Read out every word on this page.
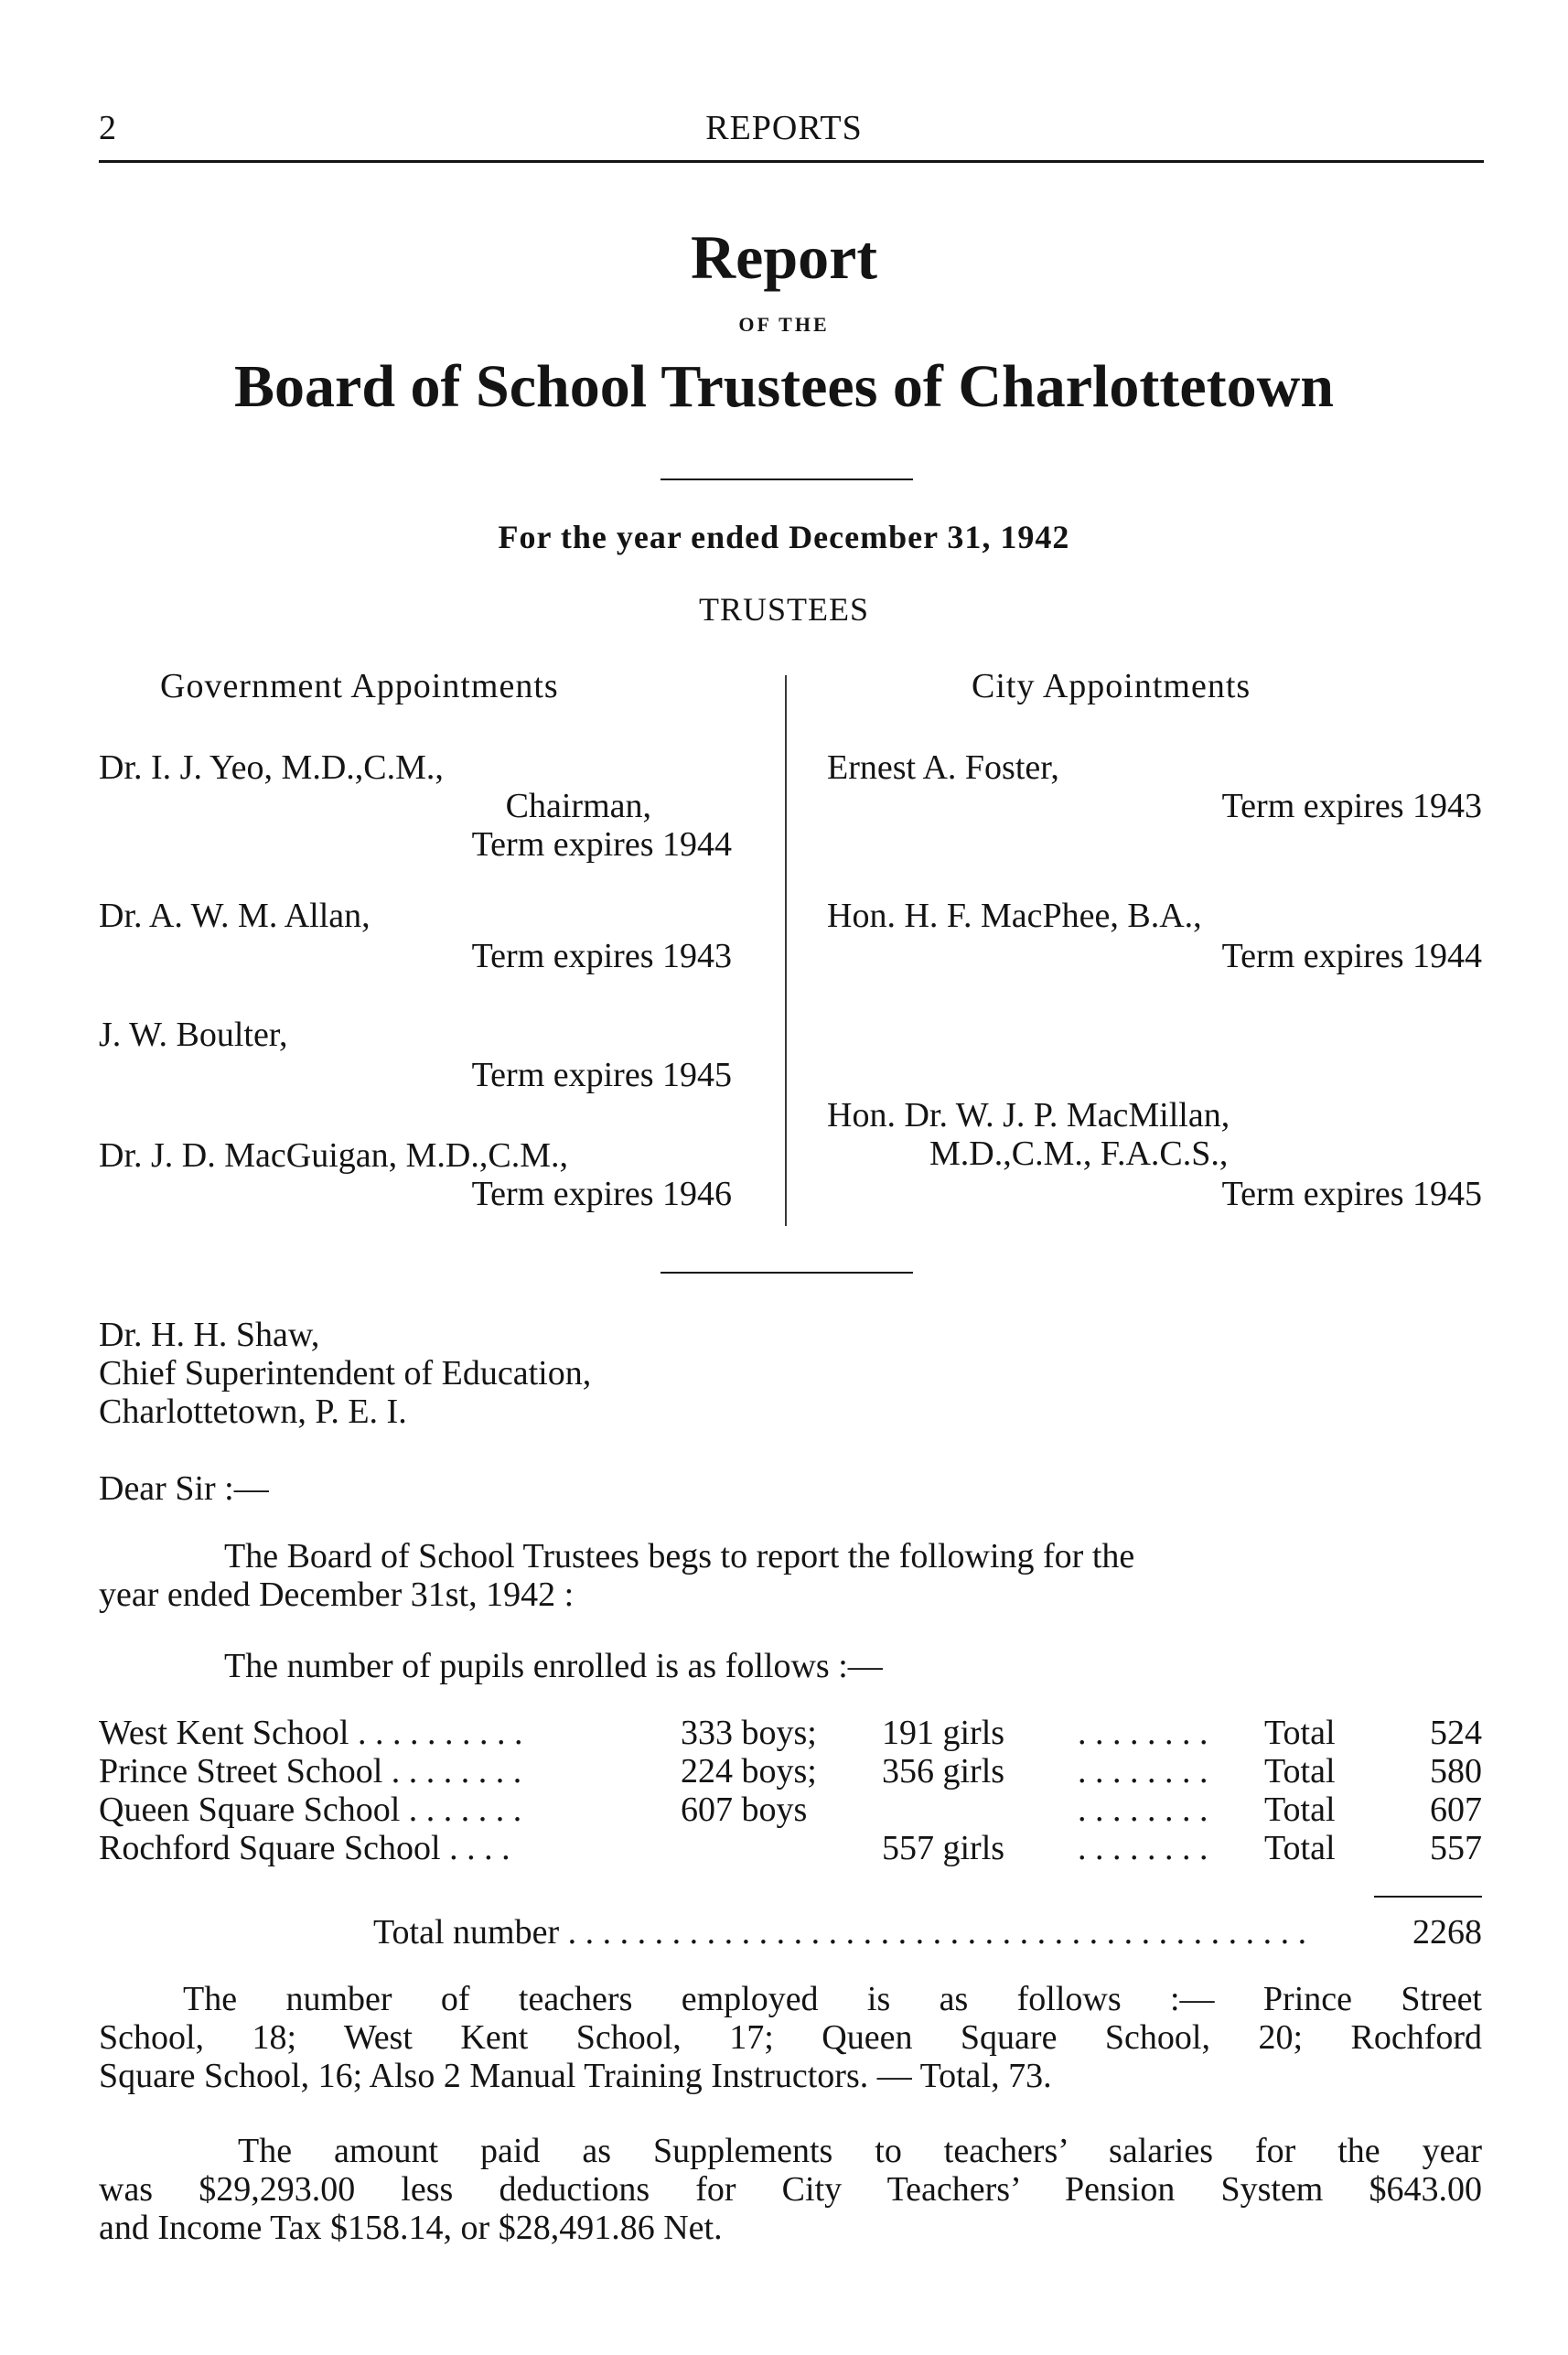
2	REPORTS
Report
OF THE
Board of School Trustees of Charlottetown
For the year ended December 31, 1942
TRUSTEES
Government Appointments	City Appointments
Dr. I. J. Yeo, M.D.,C.M.,
Chairman,
Term expires 1944
Dr. A. W. M. Allan,
Term expires 1943
J. W. Boulter,
Term expires 1945
Dr. J. D. MacGuigan, M.D.,C.M.,
Term expires 1946
Ernest A. Foster,
Term expires 1943
Hon. H. F. MacPhee, B.A.,
Term expires 1944
Hon. Dr. W. J. P. MacMillan,
M.D.,C.M., F.A.C.S.,
Term expires 1945
Dr. H. H. Shaw,
Chief Superintendent of Education,
Charlottetown, P. E. I.
Dear Sir :—
The Board of School Trustees begs to report the following for the
year ended December 31st, 1942 :
The number of pupils enrolled is as follows :—
West Kent School . . . . . . . . . .	333 boys; 191 girls . . . . . . . . Total	524
Prince Street School . . . . . . . .	224 boys; 356 girls . . . . . . . . Total	580
Queen Square School . . . . . . .	607 boys	. . . . . . . . Total	607
Rochford Square School . . . .	557 girls . . . . . . . . Total	557
Total number . . . . . . . . . . . . . . . . . . . . . . . . . . . . . . . . . . . . . . . . . . .	2268
The number of teachers employed is as follows :— Prince Street
School, 18; West Kent School, 17; Queen Square School, 20; Rochford
Square School, 16; Also 2 Manual Training Instructors. — Total, 73.
The amount paid as Supplements to teachers’ salaries for the year
was $29,293.00 less deductions for City Teachers’ Pension System $643.00
and Income Tax $158.14, or $28,491.86 Net.
